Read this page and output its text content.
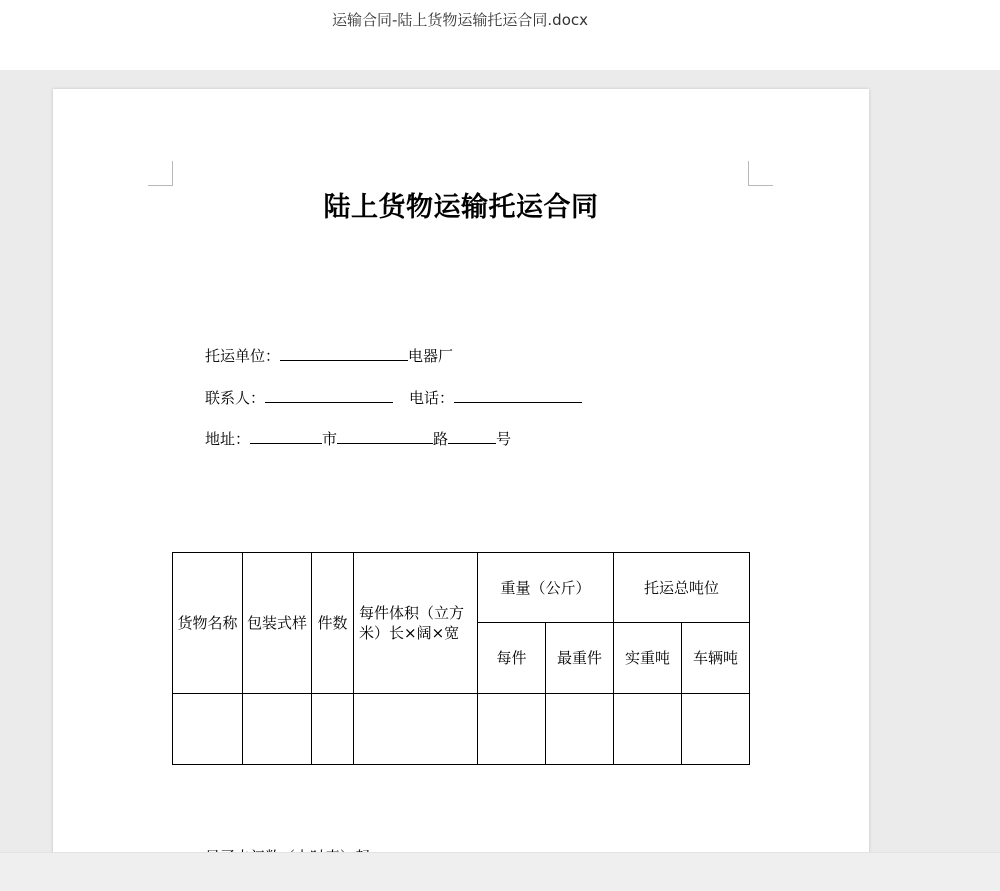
运输合同-陆上货物运输托运合同.docx
陆上货物运输托运合同
托运单位：	电器厂
联系人：	电话：
地址：	市	路	号
货物名称	包装式样	件数	每件体积（立方米）长×阔×宽	重量（公斤）		托运总吨位	
				每件	最重件	实重吨	车辆吨
